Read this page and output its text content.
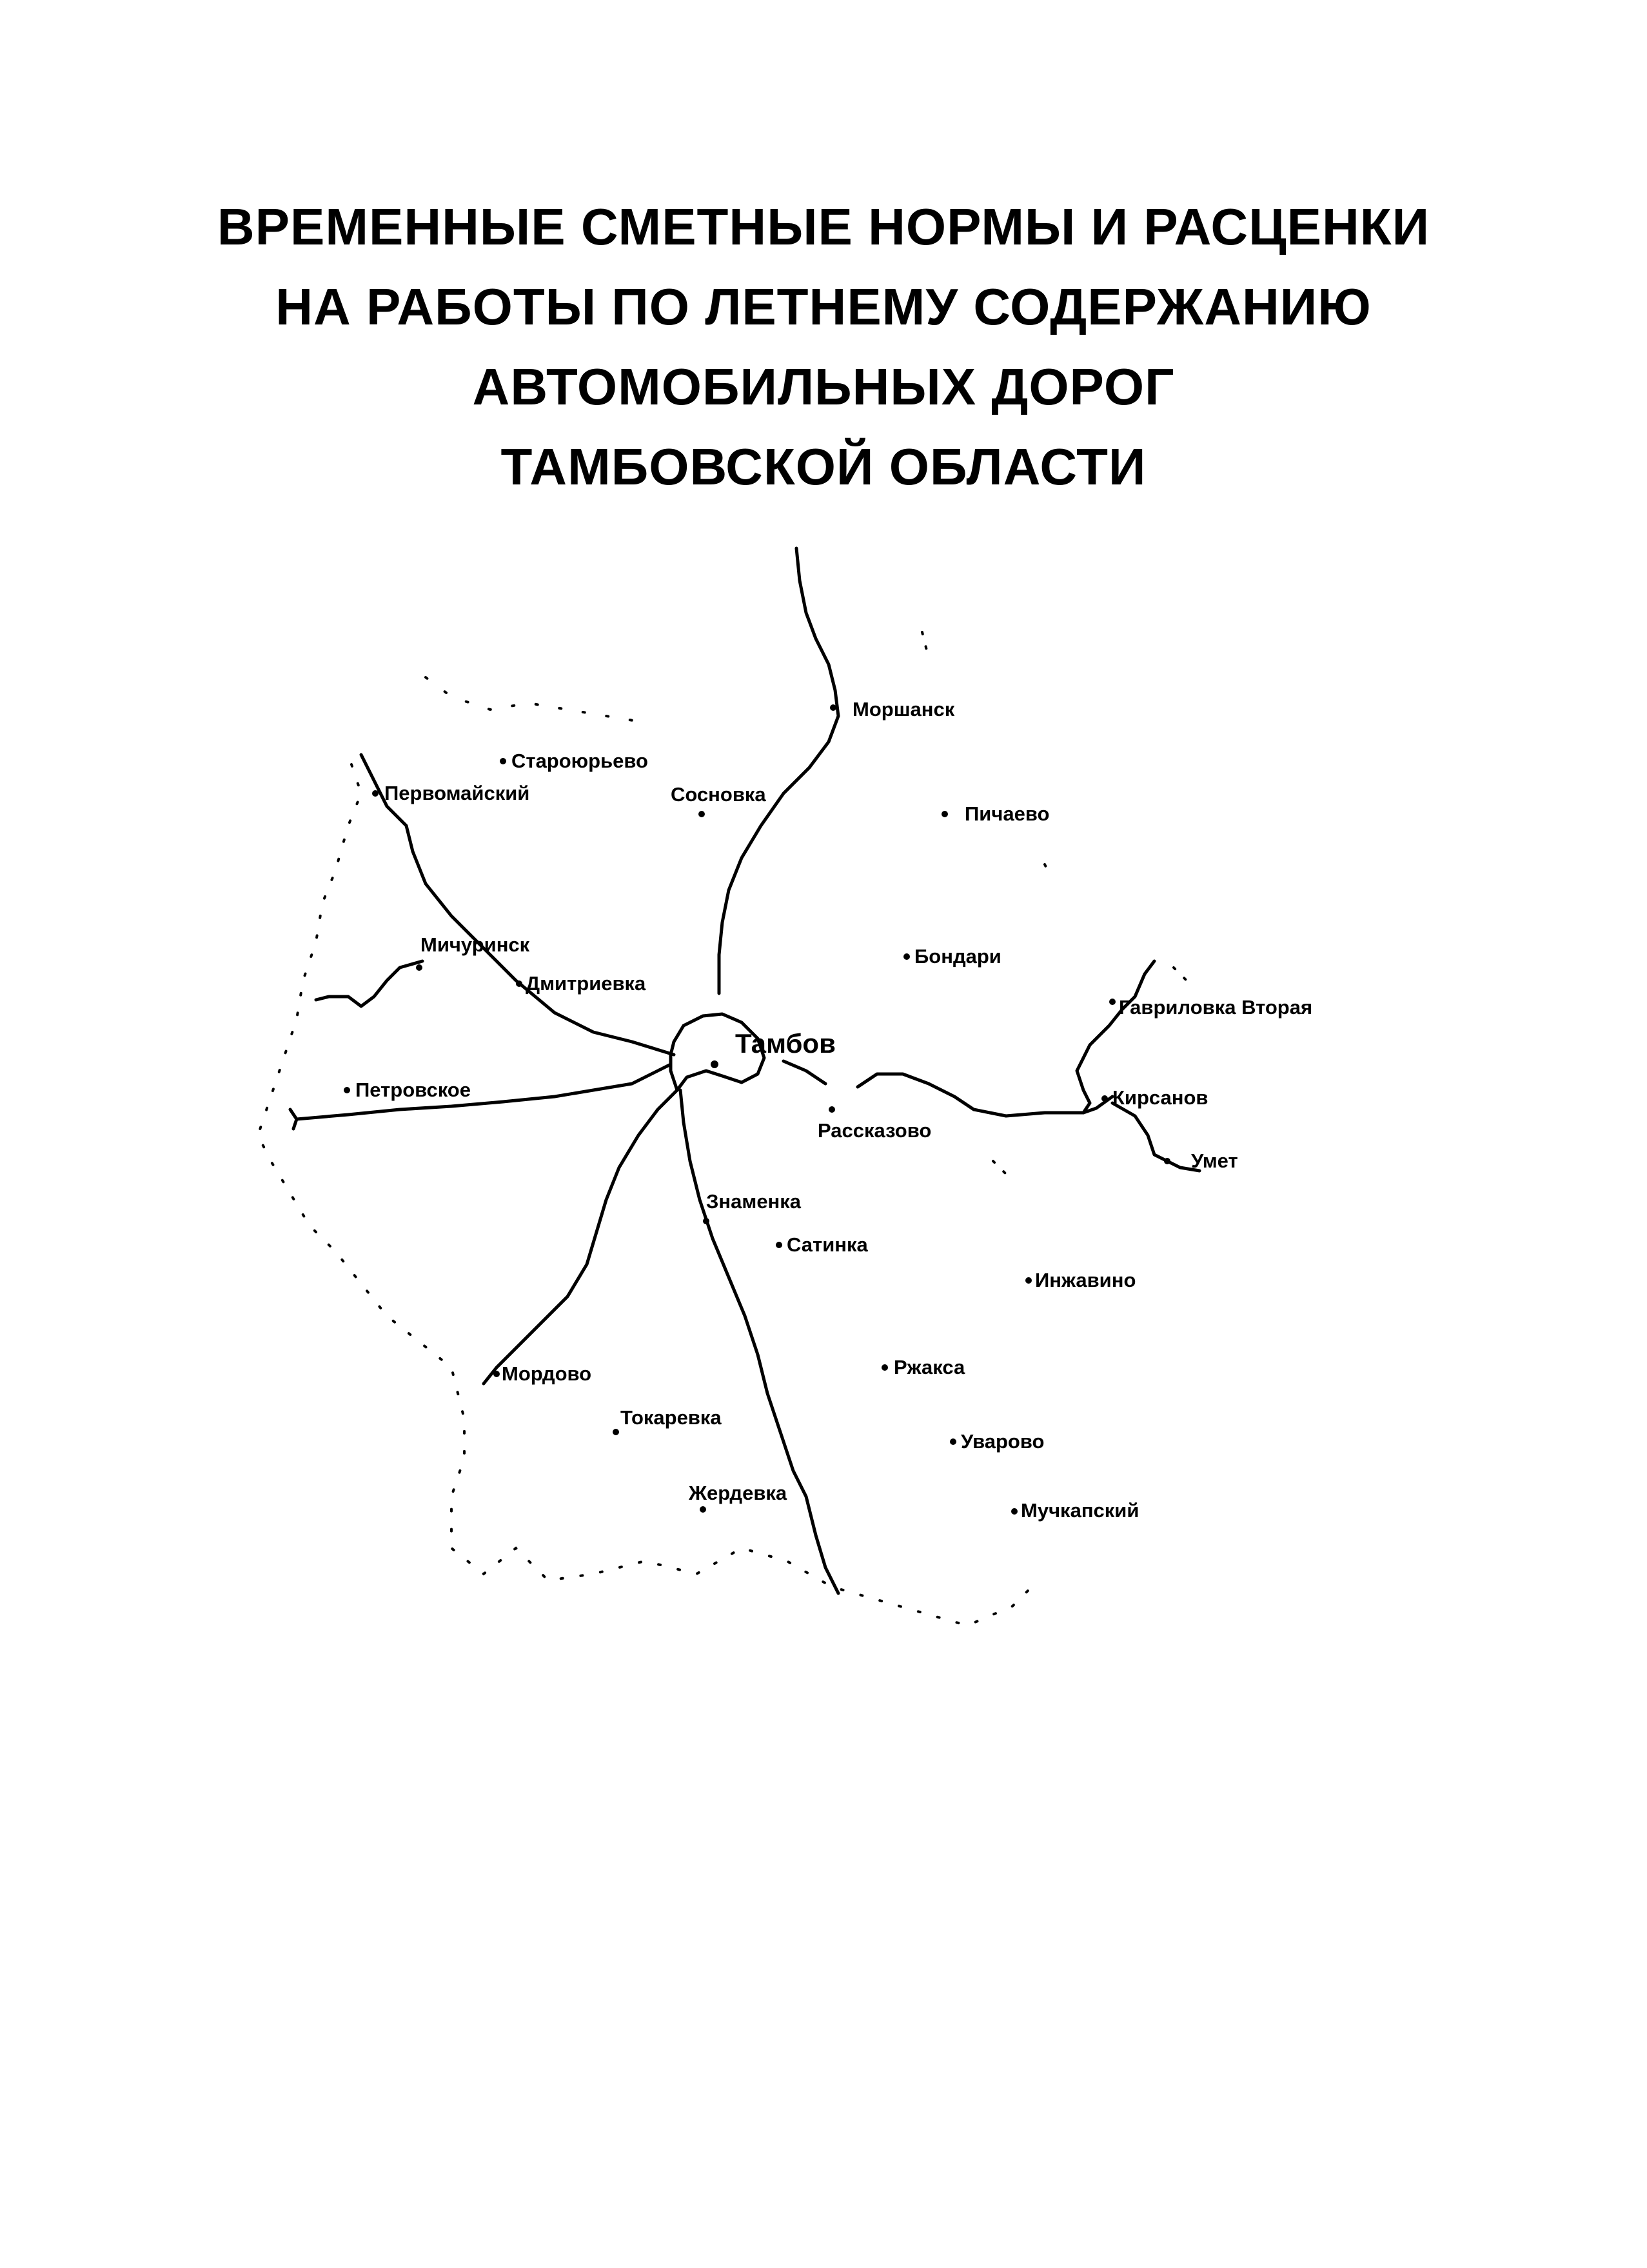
ВРЕМЕННЫЕ СМЕТНЫЕ НОРМЫ И РАСЦЕНКИ
НА РАБОТЫ ПО ЛЕТНЕМУ СОДЕРЖАНИЮ
АВТОМОБИЛЬНЫХ ДОРОГ
ТАМБОВСКОЙ ОБЛАСТИ
Моршанск
Староюрьево
Первомайский	Сосновка
Пичаево
Мичуринск
Дмитриевка
Бондари
Гавриловка Вторая
Тамбов
Петровское	Кирсанов
Рассказово
Умет
Знаменка
Сатинка
Инжавино
Мордово	Ржакса
Токаревка
Уварово
Жердевка
Мучкапский
